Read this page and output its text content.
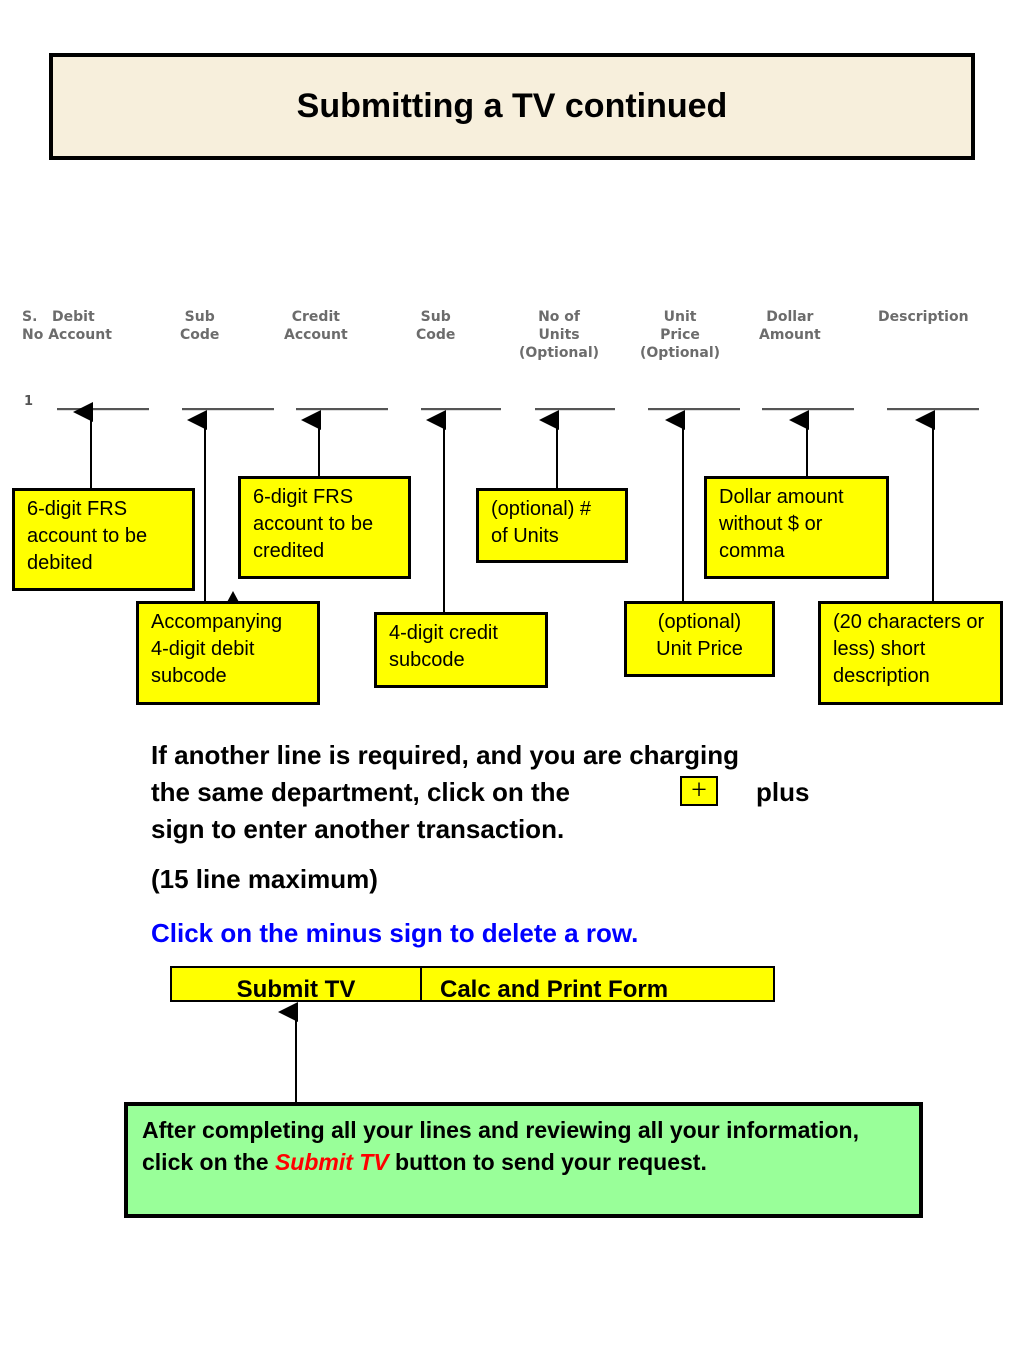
Submitting a TV continued
S.   Debit
No Account
Sub
Code
Credit
Account
Sub
Code
No of
Units
(Optional)
Unit
Price
(Optional)
Dollar
Amount
Description
1
6-digit FRS account to be debited
6-digit FRS account to be credited
(optional) # of Units
Dollar amount without $ or comma
Accompanying 4-digit debit subcode
4-digit credit subcode
(optional) Unit Price
(20 characters or less) short description
If another line is required, and you are charging
the same department, click on the	plus
sign to enter another transaction.
+
(15 line maximum)
Click on the minus sign to delete a row.
Submit TV	Calc and Print Form
After completing all your lines and reviewing all your information, click on the Submit TV button to send your request.
